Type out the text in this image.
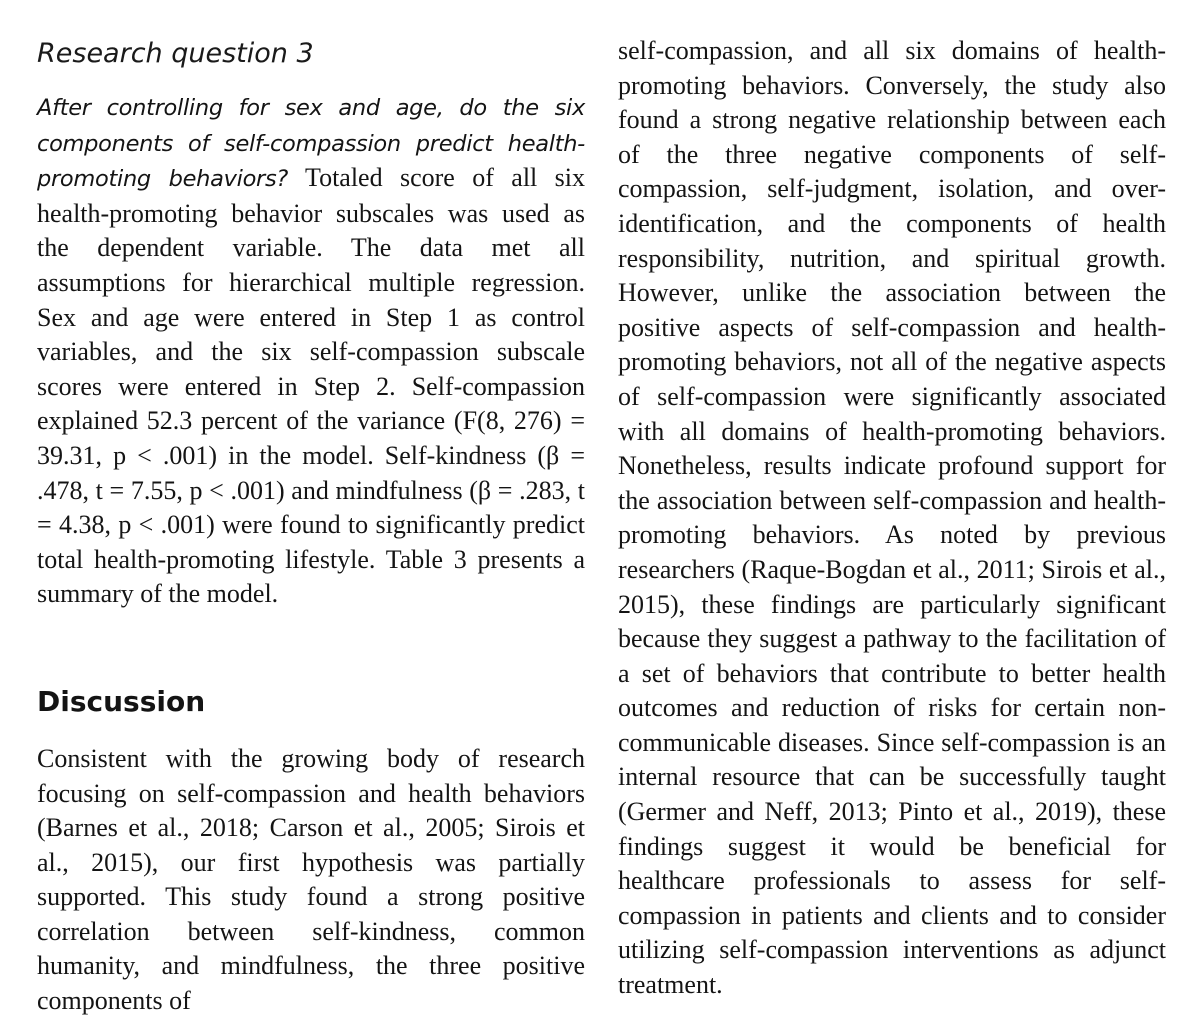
Research question 3

After controlling for sex and age, do the six components of self-compassion predict health-promoting behaviors? Totaled score of all six health-promoting behavior subscales was used as the dependent variable. The data met all assumptions for hierarchical multiple regression. Sex and age were entered in Step 1 as control variables, and the six self-compassion subscale scores were entered in Step 2. Self-compassion explained 52.3 percent of the variance (F(8, 276) = 39.31, p < .001) in the model. Self-kindness (β = .478, t = 7.55, p < .001) and mindfulness (β = .283, t = 4.38, p < .001) were found to significantly predict total health-promoting lifestyle. Table 3 presents a summary of the model.

Discussion

Consistent with the growing body of research focusing on self-compassion and health behaviors (Barnes et al., 2018; Carson et al., 2005; Sirois et al., 2015), our first hypothesis was partially supported. This study found a strong positive correlation between self-kindness, common humanity, and mindfulness, the three positive components of

self-compassion, and all six domains of health-promoting behaviors. Conversely, the study also found a strong negative relationship between each of the three negative components of self-compassion, self-judgment, isolation, and over-identification, and the components of health responsibility, nutrition, and spiritual growth. However, unlike the association between the positive aspects of self-compassion and health-promoting behaviors, not all of the negative aspects of self-compassion were significantly associated with all domains of health-promoting behaviors. Nonetheless, results indicate profound support for the association between self-compassion and health-promoting behaviors. As noted by previous researchers (Raque-Bogdan et al., 2011; Sirois et al., 2015), these findings are particularly significant because they suggest a pathway to the facilitation of a set of behaviors that contribute to better health outcomes and reduction of risks for certain non-communicable diseases. Since self-compassion is an internal resource that can be successfully taught (Germer and Neff, 2013; Pinto et al., 2019), these findings suggest it would be beneficial for healthcare professionals to assess for self-compassion in patients and clients and to consider utilizing self-compassion interventions as adjunct treatment.
